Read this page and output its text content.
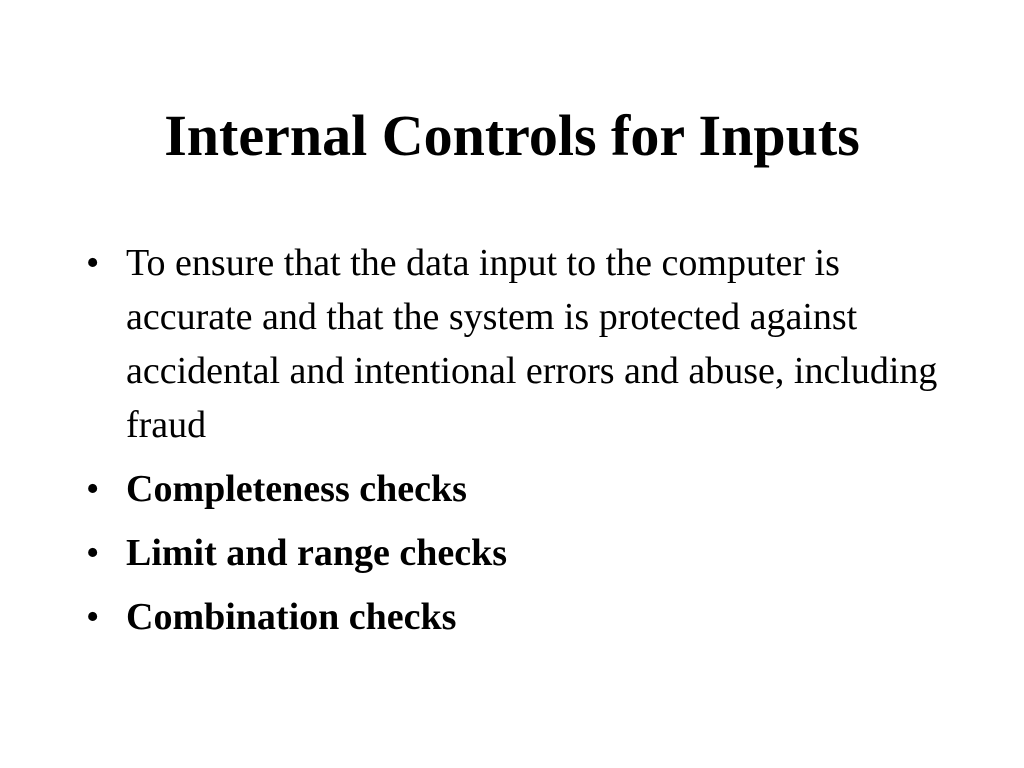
Internal Controls for Inputs
• To ensure that the data input to the computer is accurate and that the system is protected against accidental and intentional errors and abuse, including fraud
• Completeness checks
• Limit and range checks
• Combination checks
